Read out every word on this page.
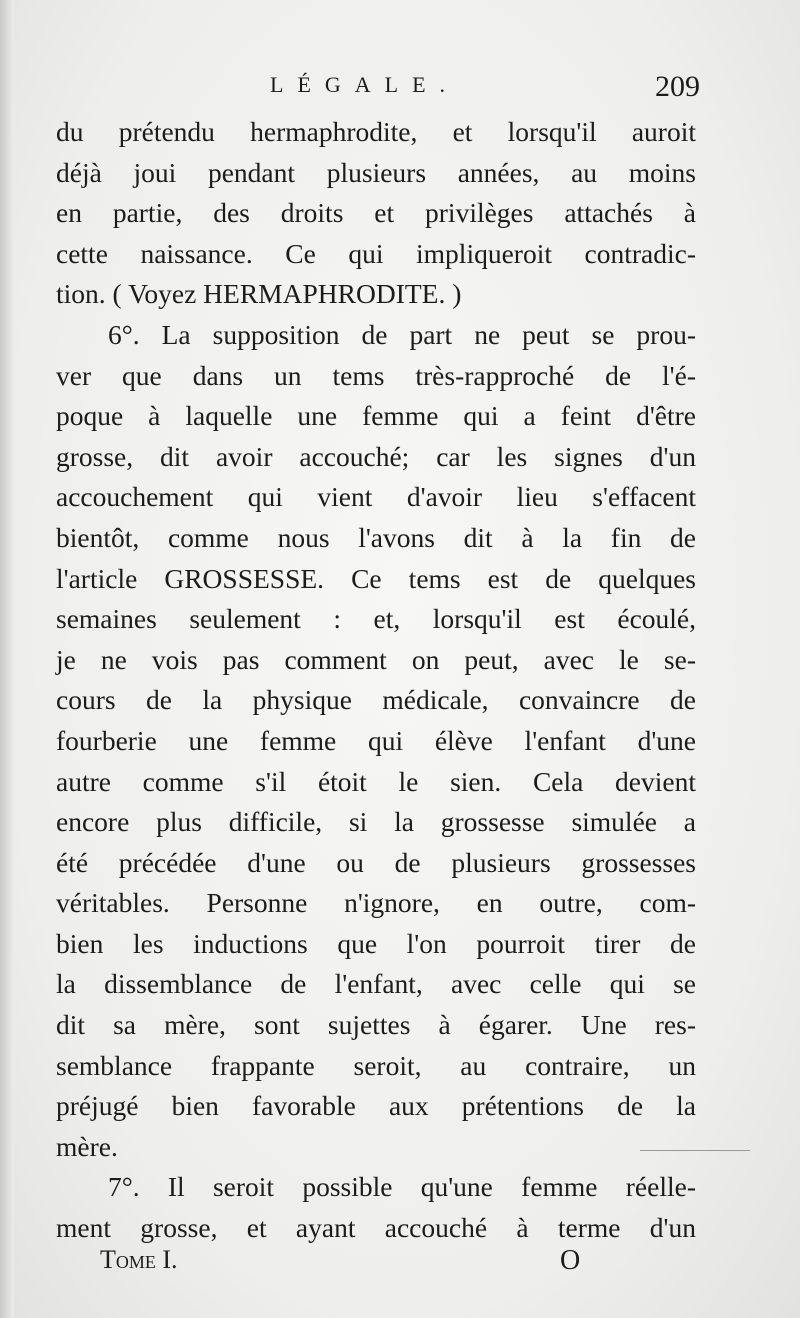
LÉGALE.	209
du prétendu hermaphrodite, et lorsqu'il auroit
déjà joui pendant plusieurs années, au moins
en partie, des droits et privilèges attachés à
cette naissance. Ce qui impliqueroit contradic-
tion. ( Voyez HERMAPHRODITE. )
6°. La supposition de part ne peut se prou-
ver que dans un tems très-rapproché de l'é-
poque à laquelle une femme qui a feint d'être
grosse, dit avoir accouché; car les signes d'un
accouchement qui vient d'avoir lieu s'effacent
bientôt, comme nous l'avons dit à la fin de
l'article GROSSESSE. Ce tems est de quelques
semaines seulement : et, lorsqu'il est écoulé,
je ne vois pas comment on peut, avec le se-
cours de la physique médicale, convaincre de
fourberie une femme qui élève l'enfant d'une
autre comme s'il étoit le sien. Cela devient
encore plus difficile, si la grossesse simulée a
été précédée d'une ou de plusieurs grossesses
véritables. Personne n'ignore, en outre, com-
bien les inductions que l'on pourroit tirer de
la dissemblance de l'enfant, avec celle qui se
dit sa mère, sont sujettes à égarer. Une res-
semblance frappante seroit, au contraire, un
préjugé bien favorable aux prétentions de la
mère.
7°. Il seroit possible qu'une femme réelle-
ment grosse, et ayant accouché à terme d'un
Tome I.	O
